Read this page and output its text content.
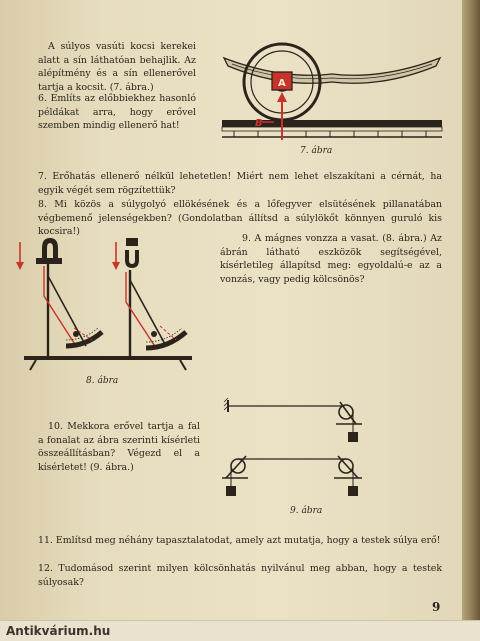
A súlyos vasúti kocsi kerekei alatt a sín láthatóan behajlik. Az alépítmény és a sín ellenerővel tartja a kocsit. (7. ábra.)

6. Említs az előbbiekhez hasonló példákat arra, hogy erővel szemben mindig ellenerő hat!

A
B
7. ábra

7. Erőhatás ellenerő nélkül lehetetlen! Miért nem lehet elszakítani a cérnát, ha egyik végét sem rögzítettük?

8. Mi közös a súlygolyó ellökésének és a lőfegyver elsütésének pillanatában végbemenő jelenségekben? (Gondolatban állítsd a súlylökőt könnyen guruló kis kocsira!)

8. ábra

9. A mágnes vonzza a vasat. (8. ábra.) Az ábrán látható eszközök segítségével, kísérletileg állapítsd meg: egyoldalú-e az a vonzás, vagy pedig kölcsönös?

10. Mekkora erővel tartja a fal a fonalat az ábra szerinti kísérleti összeállításban? Végezd el a kísérletet! (9. ábra.)

9. ábra

11. Említsd meg néhány tapasztalatodat, amely azt mutatja, hogy a testek súlya erő!

12. Tudomásod szerint milyen kölcsönhatás nyilvánul meg abban, hogy a testek súlyosak?

9
Antikvárium.hu
